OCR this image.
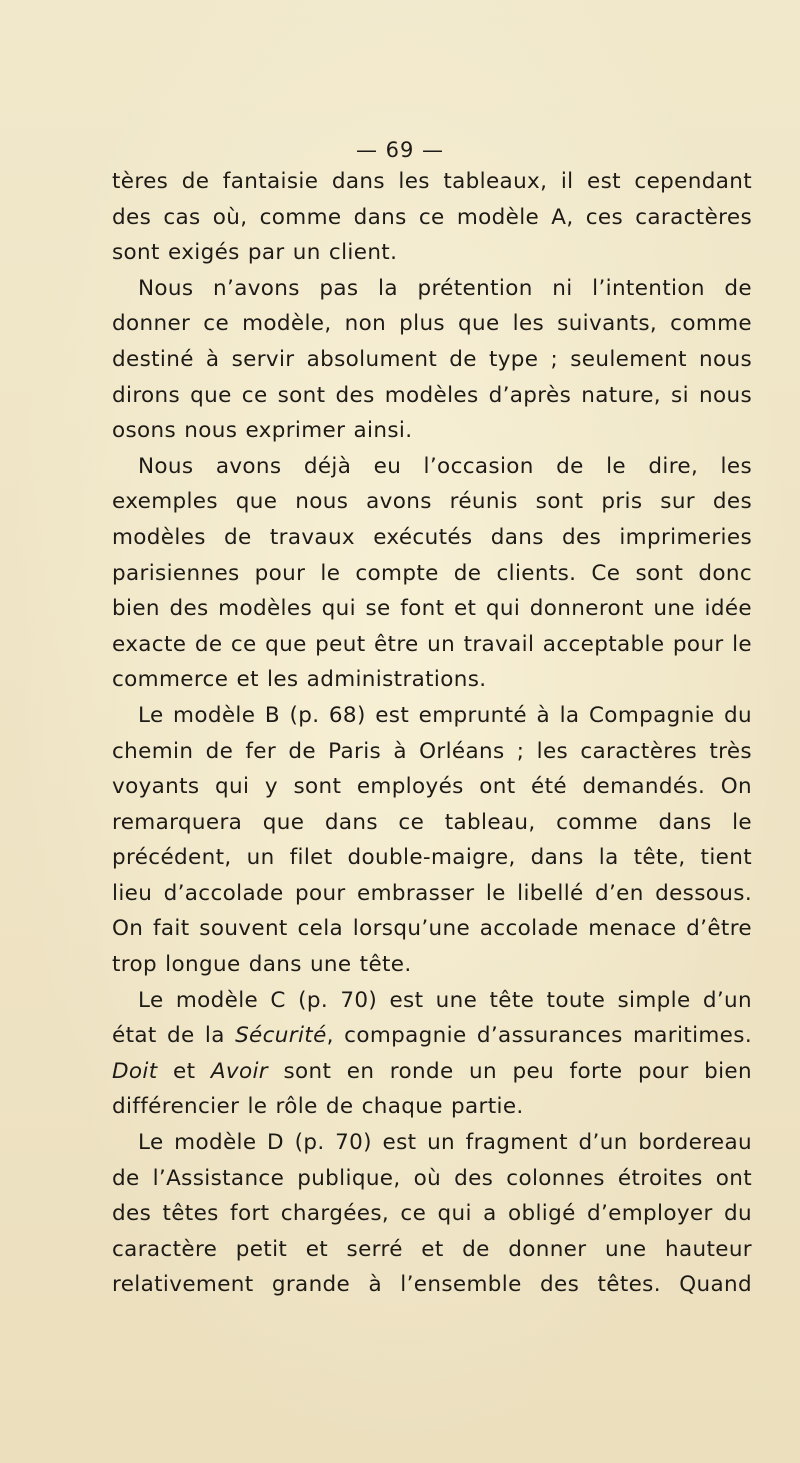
— 69 —

tères de fantaisie dans les tableaux, il est cependant des cas où, comme dans ce modèle A, ces caractères sont exigés par un client.

Nous n’avons pas la prétention ni l’intention de donner ce modèle, non plus que les suivants, comme destiné à servir absolument de type ; seulement nous dirons que ce sont des modèles d’après nature, si nous osons nous exprimer ainsi.

Nous avons déjà eu l’occasion de le dire, les exemples que nous avons réunis sont pris sur des modèles de travaux exécutés dans des imprimeries parisiennes pour le compte de clients. Ce sont donc bien des modèles qui se font et qui donneront une idée exacte de ce que peut être un travail acceptable pour le commerce et les administrations.

Le modèle B (p. 68) est emprunté à la Compagnie du chemin de fer de Paris à Orléans ; les caractères très voyants qui y sont employés ont été demandés. On remarquera que dans ce tableau, comme dans le précédent, un filet double-maigre, dans la tête, tient lieu d’accolade pour embrasser le libellé d’en dessous. On fait souvent cela lorsqu’une accolade menace d’être trop longue dans une tête.

Le modèle C (p. 70) est une tête toute simple d’un état de la Sécurité, compagnie d’assurances maritimes. Doit et Avoir sont en ronde un peu forte pour bien différencier le rôle de chaque partie.

Le modèle D (p. 70) est un fragment d’un bordereau de l’Assistance publique, où des colonnes étroites ont des têtes fort chargées, ce qui a obligé d’employer du caractère petit et serré et de donner une hauteur relativement grande à l’ensemble des têtes. Quand
